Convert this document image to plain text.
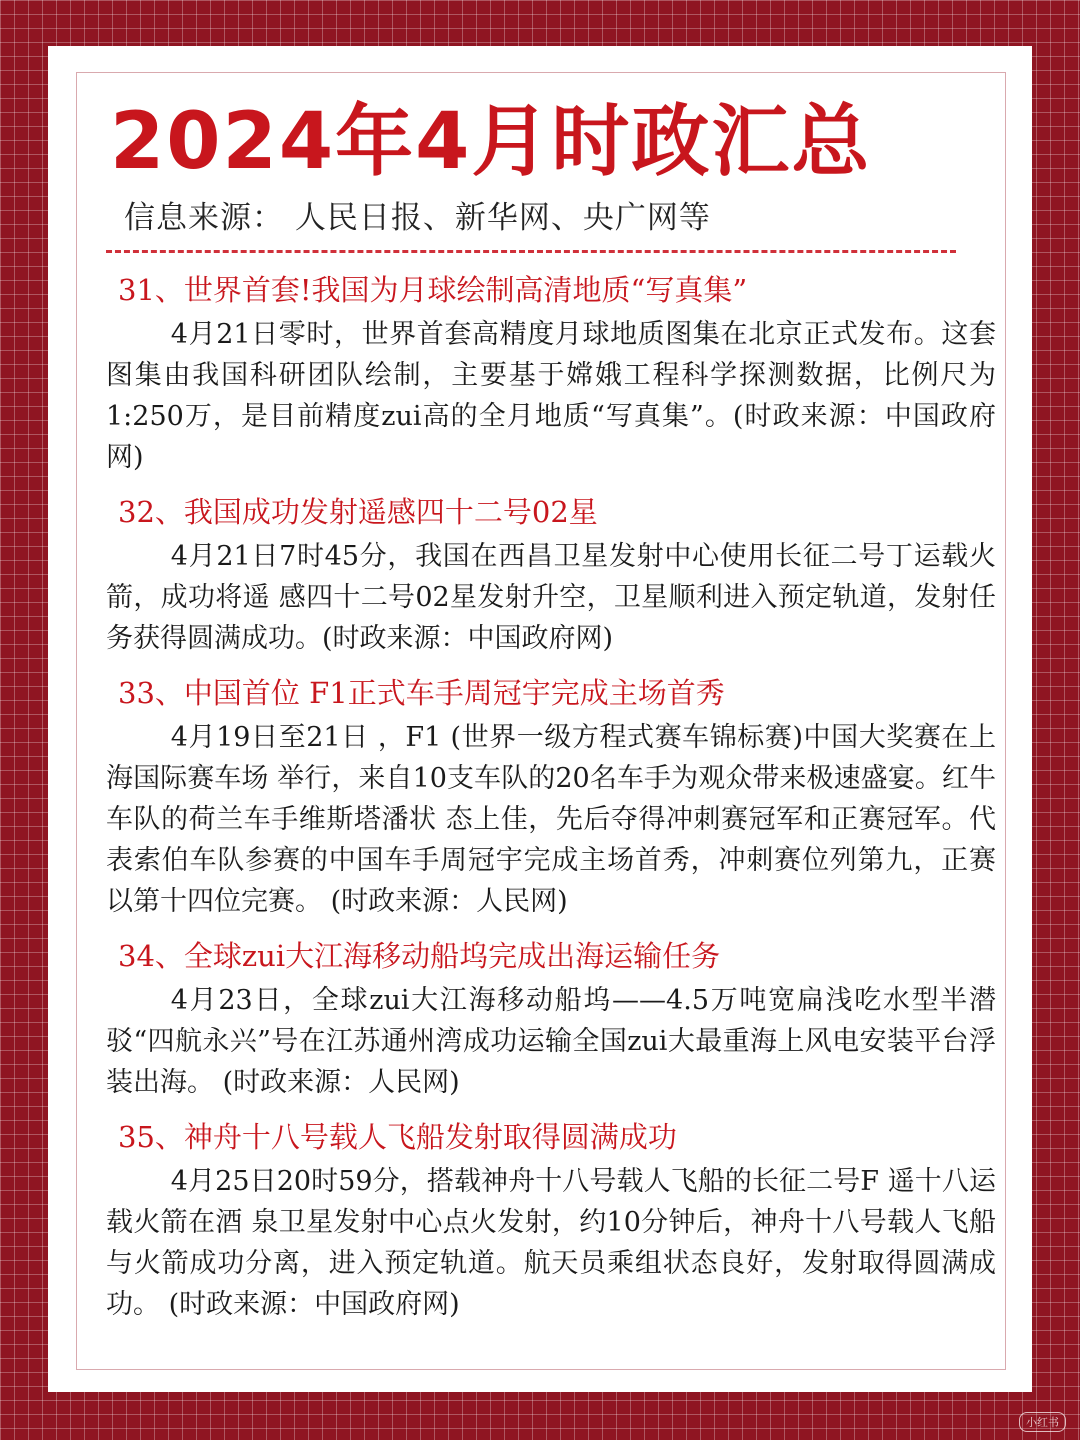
2024年4月时政汇总
信息来源： 人民日报、新华网、央广网等
31、世界首套!我国为月球绘制高清地质“写真集”

4月21日零时，世界首套高精度月球地质图集在北京正式发布。这套图集由我国科研团队绘制，主要基于嫦娥工程科学探测数据，比例尺为1:250万，是目前精度zui高的全月地质“写真集”。(时政来源：中国政府网)

32、我国成功发射遥感四十二号02星

4月21日7时45分，我国在西昌卫星发射中心使用长征二号丁运载火箭，成功将遥 感四十二号02星发射升空，卫星顺利进入预定轨道，发射任务获得圆满成功。(时政来源：中国政府网)

33、中国首位 F1正式车手周冠宇完成主场首秀

4月19日至21日 ，F1 (世界一级方程式赛车锦标赛)中国大奖赛在上海国际赛车场 举行，来自10支车队的20名车手为观众带来极速盛宴。红牛车队的荷兰车手维斯塔潘状 态上佳，先后夺得冲刺赛冠军和正赛冠军。代表索伯车队参赛的中国车手周冠宇完成主场首秀，冲刺赛位列第九，正赛以第十四位完赛。 (时政来源：人民网)

34、全球zui大江海移动船坞完成出海运输任务

4月23日，全球zui大江海移动船坞——4.5万吨宽扁浅吃水型半潜驳“四航永兴”号在江苏通州湾成功运输全国zui大最重海上风电安装平台浮装出海。 (时政来源：人民网)

35、神舟十八号载人飞船发射取得圆满成功

4月25日20时59分，搭载神舟十八号载人飞船的长征二号F 遥十八运载火箭在酒 泉卫星发射中心点火发射，约10分钟后，神舟十八号载人飞船与火箭成功分离，进入预定轨道。航天员乘组状态良好，发射取得圆满成功。 (时政来源：中国政府网)

小红书
